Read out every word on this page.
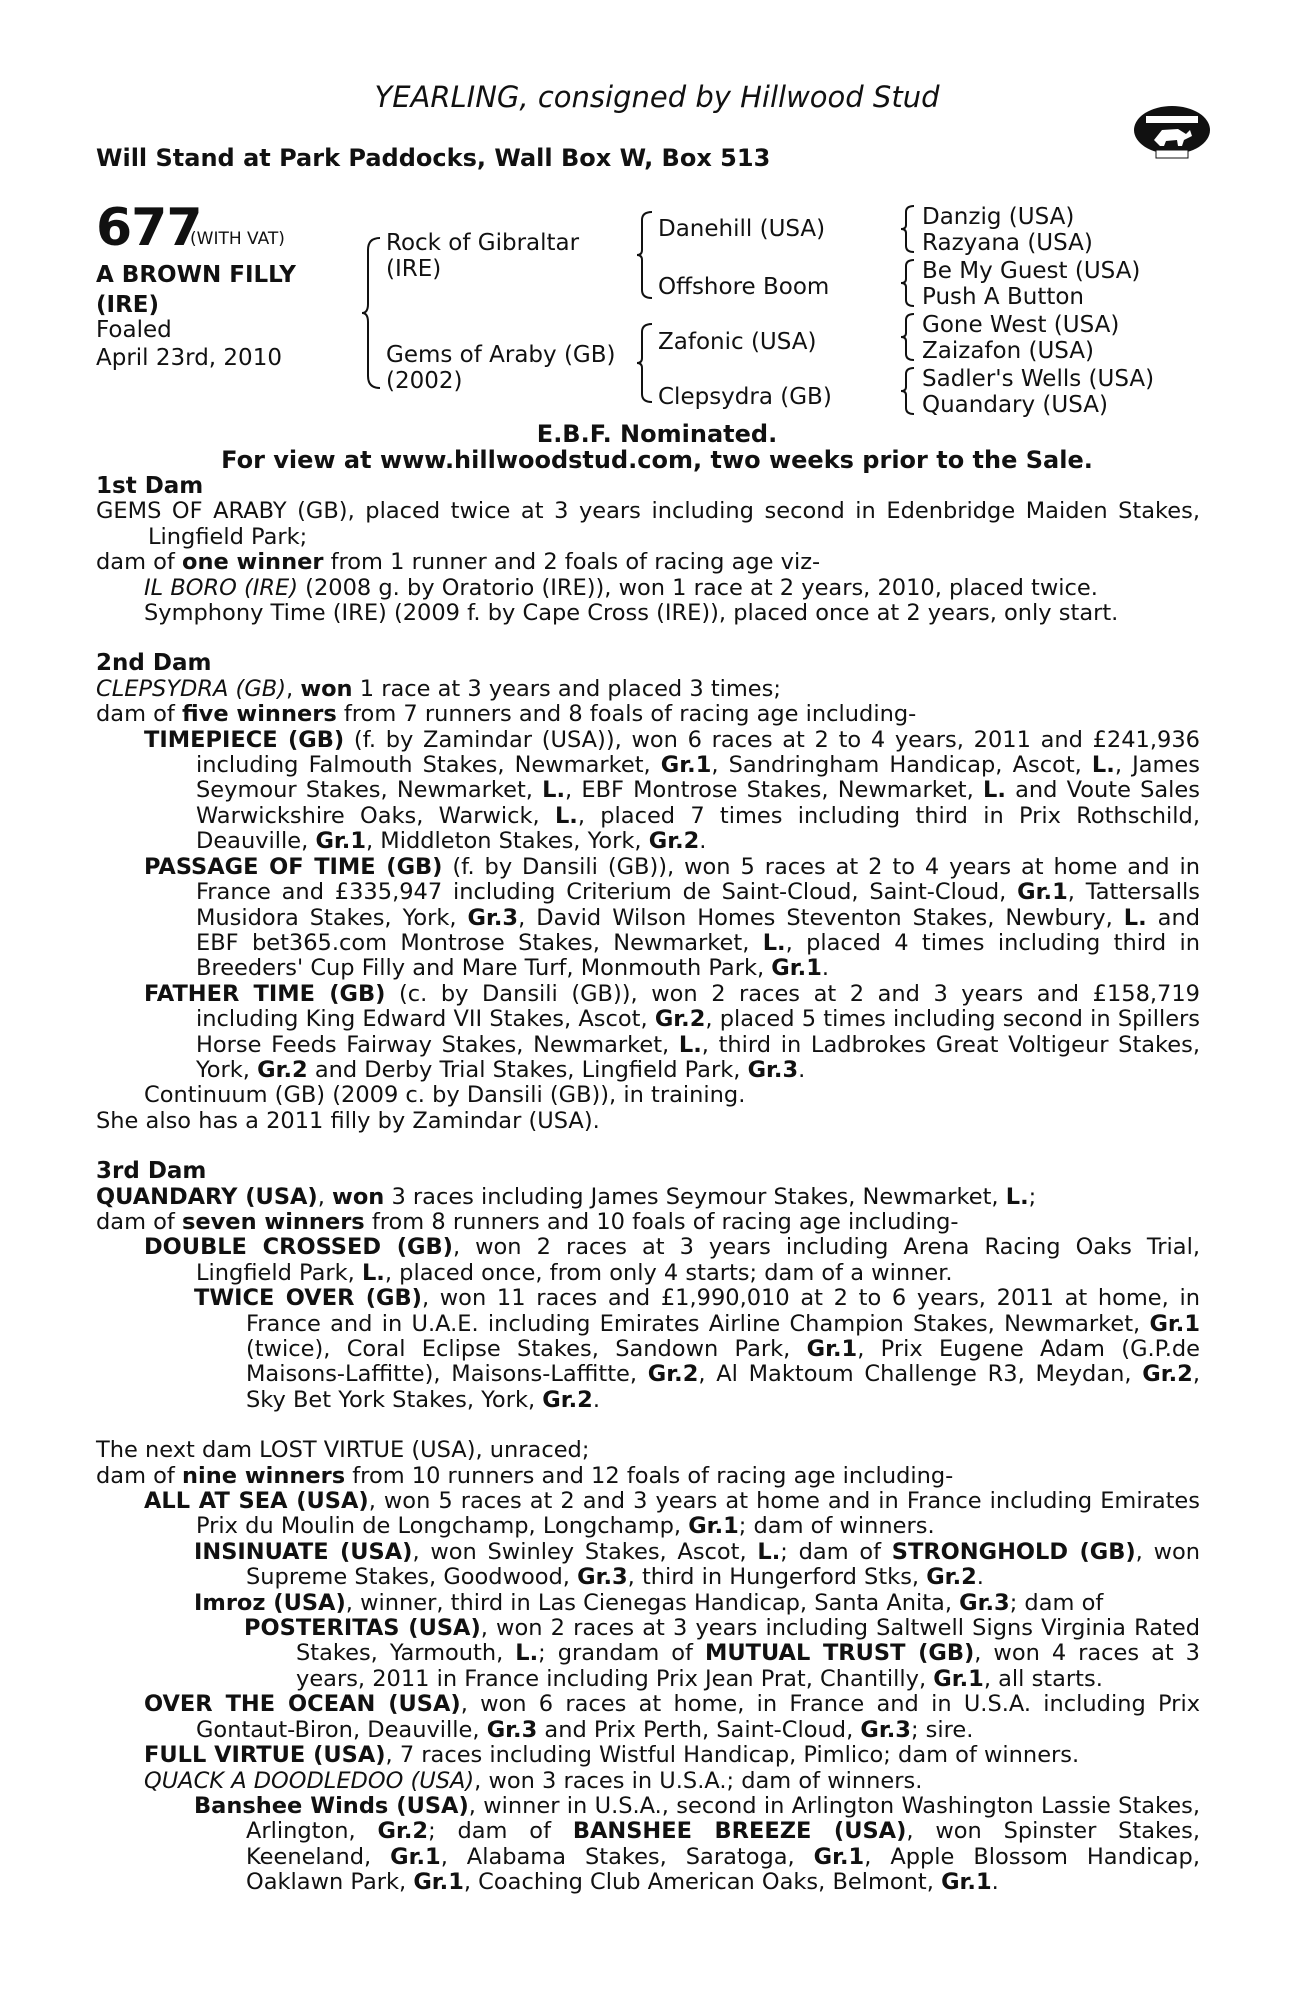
YEARLING, consigned by Hillwood Stud
Will Stand at Park Paddocks, Wall Box W, Box 513
677
(WITH VAT)
A BROWN FILLY
(IRE)
Foaled
April 23rd, 2010
Rock of Gibraltar
(IRE)
Gems of Araby (GB)
(2002)
Danehill (USA)
Offshore Boom
Zafonic (USA)
Clepsydra (GB)
Danzig (USA)
Razyana (USA)
Be My Guest (USA)
Push A Button
Gone West (USA)
Zaizafon (USA)
Sadler's Wells (USA)
Quandary (USA)
E.B.F. Nominated.
For view at www.hillwoodstud.com, two weeks prior to the Sale.

1st Dam

GEMS OF ARABY (GB), placed twice at 3 years including second in Edenbridge Maiden Stakes, Lingfield Park;

dam of one winner from 1 runner and 2 foals of racing age viz-

IL BORO (IRE) (2008 g. by Oratorio (IRE)), won 1 race at 2 years, 2010, placed twice.

Symphony Time (IRE) (2009 f. by Cape Cross (IRE)), placed once at 2 years, only start.

2nd Dam

CLEPSYDRA (GB), won 1 race at 3 years and placed 3 times;

dam of five winners from 7 runners and 8 foals of racing age including-

TIMEPIECE (GB) (f. by Zamindar (USA)), won 6 races at 2 to 4 years, 2011 and £241,936 including Falmouth Stakes, Newmarket, Gr.1, Sandringham Handicap, Ascot, L., James Seymour Stakes, Newmarket, L., EBF Montrose Stakes, Newmarket, L. and Voute Sales Warwickshire Oaks, Warwick, L., placed 7 times including third in Prix Rothschild, Deauville, Gr.1, Middleton Stakes, York, Gr.2.

PASSAGE OF TIME (GB) (f. by Dansili (GB)), won 5 races at 2 to 4 years at home and in France and £335,947 including Criterium de Saint-Cloud, Saint-Cloud, Gr.1, Tattersalls Musidora Stakes, York, Gr.3, David Wilson Homes Steventon Stakes, Newbury, L. and EBF bet365.com Montrose Stakes, Newmarket, L., placed 4 times including third in Breeders' Cup Filly and Mare Turf, Monmouth Park, Gr.1.

FATHER TIME (GB) (c. by Dansili (GB)), won 2 races at 2 and 3 years and £158,719 including King Edward VII Stakes, Ascot, Gr.2, placed 5 times including second in Spillers Horse Feeds Fairway Stakes, Newmarket, L., third in Ladbrokes Great Voltigeur Stakes, York, Gr.2 and Derby Trial Stakes, Lingfield Park, Gr.3.

Continuum (GB) (2009 c. by Dansili (GB)), in training.

She also has a 2011 filly by Zamindar (USA).

3rd Dam

QUANDARY (USA), won 3 races including James Seymour Stakes, Newmarket, L.;

dam of seven winners from 8 runners and 10 foals of racing age including-

DOUBLE CROSSED (GB), won 2 races at 3 years including Arena Racing Oaks Trial, Lingfield Park, L., placed once, from only 4 starts; dam of a winner.

TWICE OVER (GB), won 11 races and £1,990,010 at 2 to 6 years, 2011 at home, in France and in U.A.E. including Emirates Airline Champion Stakes, Newmarket, Gr.1 (twice), Coral Eclipse Stakes, Sandown Park, Gr.1, Prix Eugene Adam (G.P.de Maisons-Laffitte), Maisons-Laffitte, Gr.2, Al Maktoum Challenge R3, Meydan, Gr.2, Sky Bet York Stakes, York, Gr.2.

The next dam LOST VIRTUE (USA), unraced;

dam of nine winners from 10 runners and 12 foals of racing age including-

ALL AT SEA (USA), won 5 races at 2 and 3 years at home and in France including Emirates Prix du Moulin de Longchamp, Longchamp, Gr.1; dam of winners.

INSINUATE (USA), won Swinley Stakes, Ascot, L.; dam of STRONGHOLD (GB), won Supreme Stakes, Goodwood, Gr.3, third in Hungerford Stks, Gr.2.

Imroz (USA), winner, third in Las Cienegas Handicap, Santa Anita, Gr.3; dam of

POSTERITAS (USA), won 2 races at 3 years including Saltwell Signs Virginia Rated Stakes, Yarmouth, L.; grandam of MUTUAL TRUST (GB), won 4 races at 3 years, 2011 in France including Prix Jean Prat, Chantilly, Gr.1, all starts.

OVER THE OCEAN (USA), won 6 races at home, in France and in U.S.A. including Prix Gontaut-Biron, Deauville, Gr.3 and Prix Perth, Saint-Cloud, Gr.3; sire.

FULL VIRTUE (USA), 7 races including Wistful Handicap, Pimlico; dam of winners.

QUACK A DOODLEDOO (USA), won 3 races in U.S.A.; dam of winners.

Banshee Winds (USA), winner in U.S.A., second in Arlington Washington Lassie Stakes, Arlington, Gr.2; dam of BANSHEE BREEZE (USA), won Spinster Stakes, Keeneland, Gr.1, Alabama Stakes, Saratoga, Gr.1, Apple Blossom Handicap, Oaklawn Park, Gr.1, Coaching Club American Oaks, Belmont, Gr.1.
